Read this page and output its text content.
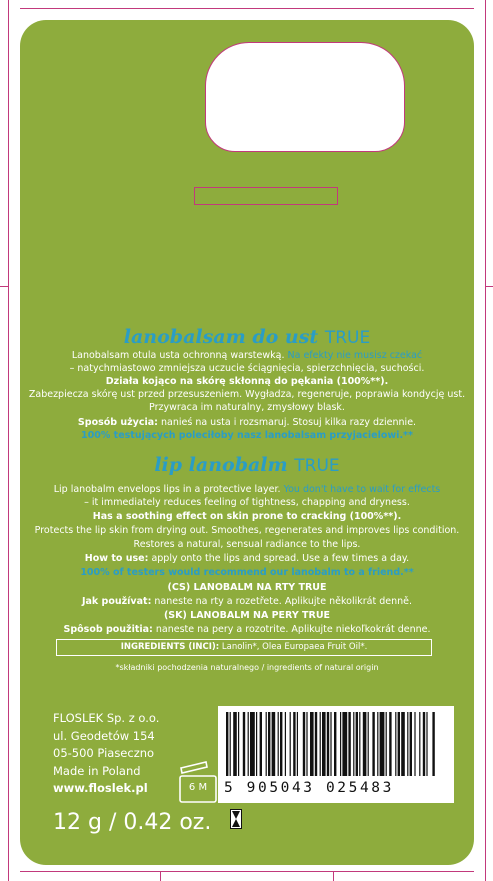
lanobalsam do ust TRUE
Lanobalsam otula usta ochronną warstewką. Na efekty nie musisz czekać
– natychmiastowo zmniejsza uczucie ściągnięcia, spierzchnięcia, suchości.
Działa kojąco na skórę skłonną do pękania (100%**).
Zabezpiecza skórę ust przed przesuszeniem. Wygładza, regeneruje, poprawia kondycję ust.
Przywraca im naturalny, zmysłowy blask.
Sposób użycia: nanieś na usta i rozsmaruj. Stosuj kilka razy dziennie.
100% testujących poleciłoby nasz lanobalsam przyjacielowi.**
lip lanobalm TRUE
Lip lanobalm envelops lips in a protective layer. You don't have to wait for effects
– it immediately reduces feeling of tightness, chapping and dryness.
Has a soothing effect on skin prone to cracking (100%**).
Protects the lip skin from drying out. Smoothes, regenerates and improves lips condition.
Restores a natural, sensual radiance to the lips.
How to use: apply onto the lips and spread. Use a few times a day.
100% of testers would recommend our lanobalm to a friend.**
(CS) LANOBALM NA RTY TRUE
Jak používat: naneste na rty a rozetřete. Aplikujte několikrát denně.
(SK) LANOBALM NA PERY TRUE
Spôsob použitia: naneste na pery a rozotrite. Aplikujte niekoľkokrát denne.
INGREDIENTS (INCI): Lanolin*, Olea Europaea Fruit Oil*.
*składniki pochodzenia naturalnego / ingredients of natural origin
FLOSLEK Sp. z o.o.
ul. Geodetów 154
05-500 Piaseczno
Made in Poland
www.floslek.pl	6 M
12 g / 0.42 oz.
5 905043 025483
